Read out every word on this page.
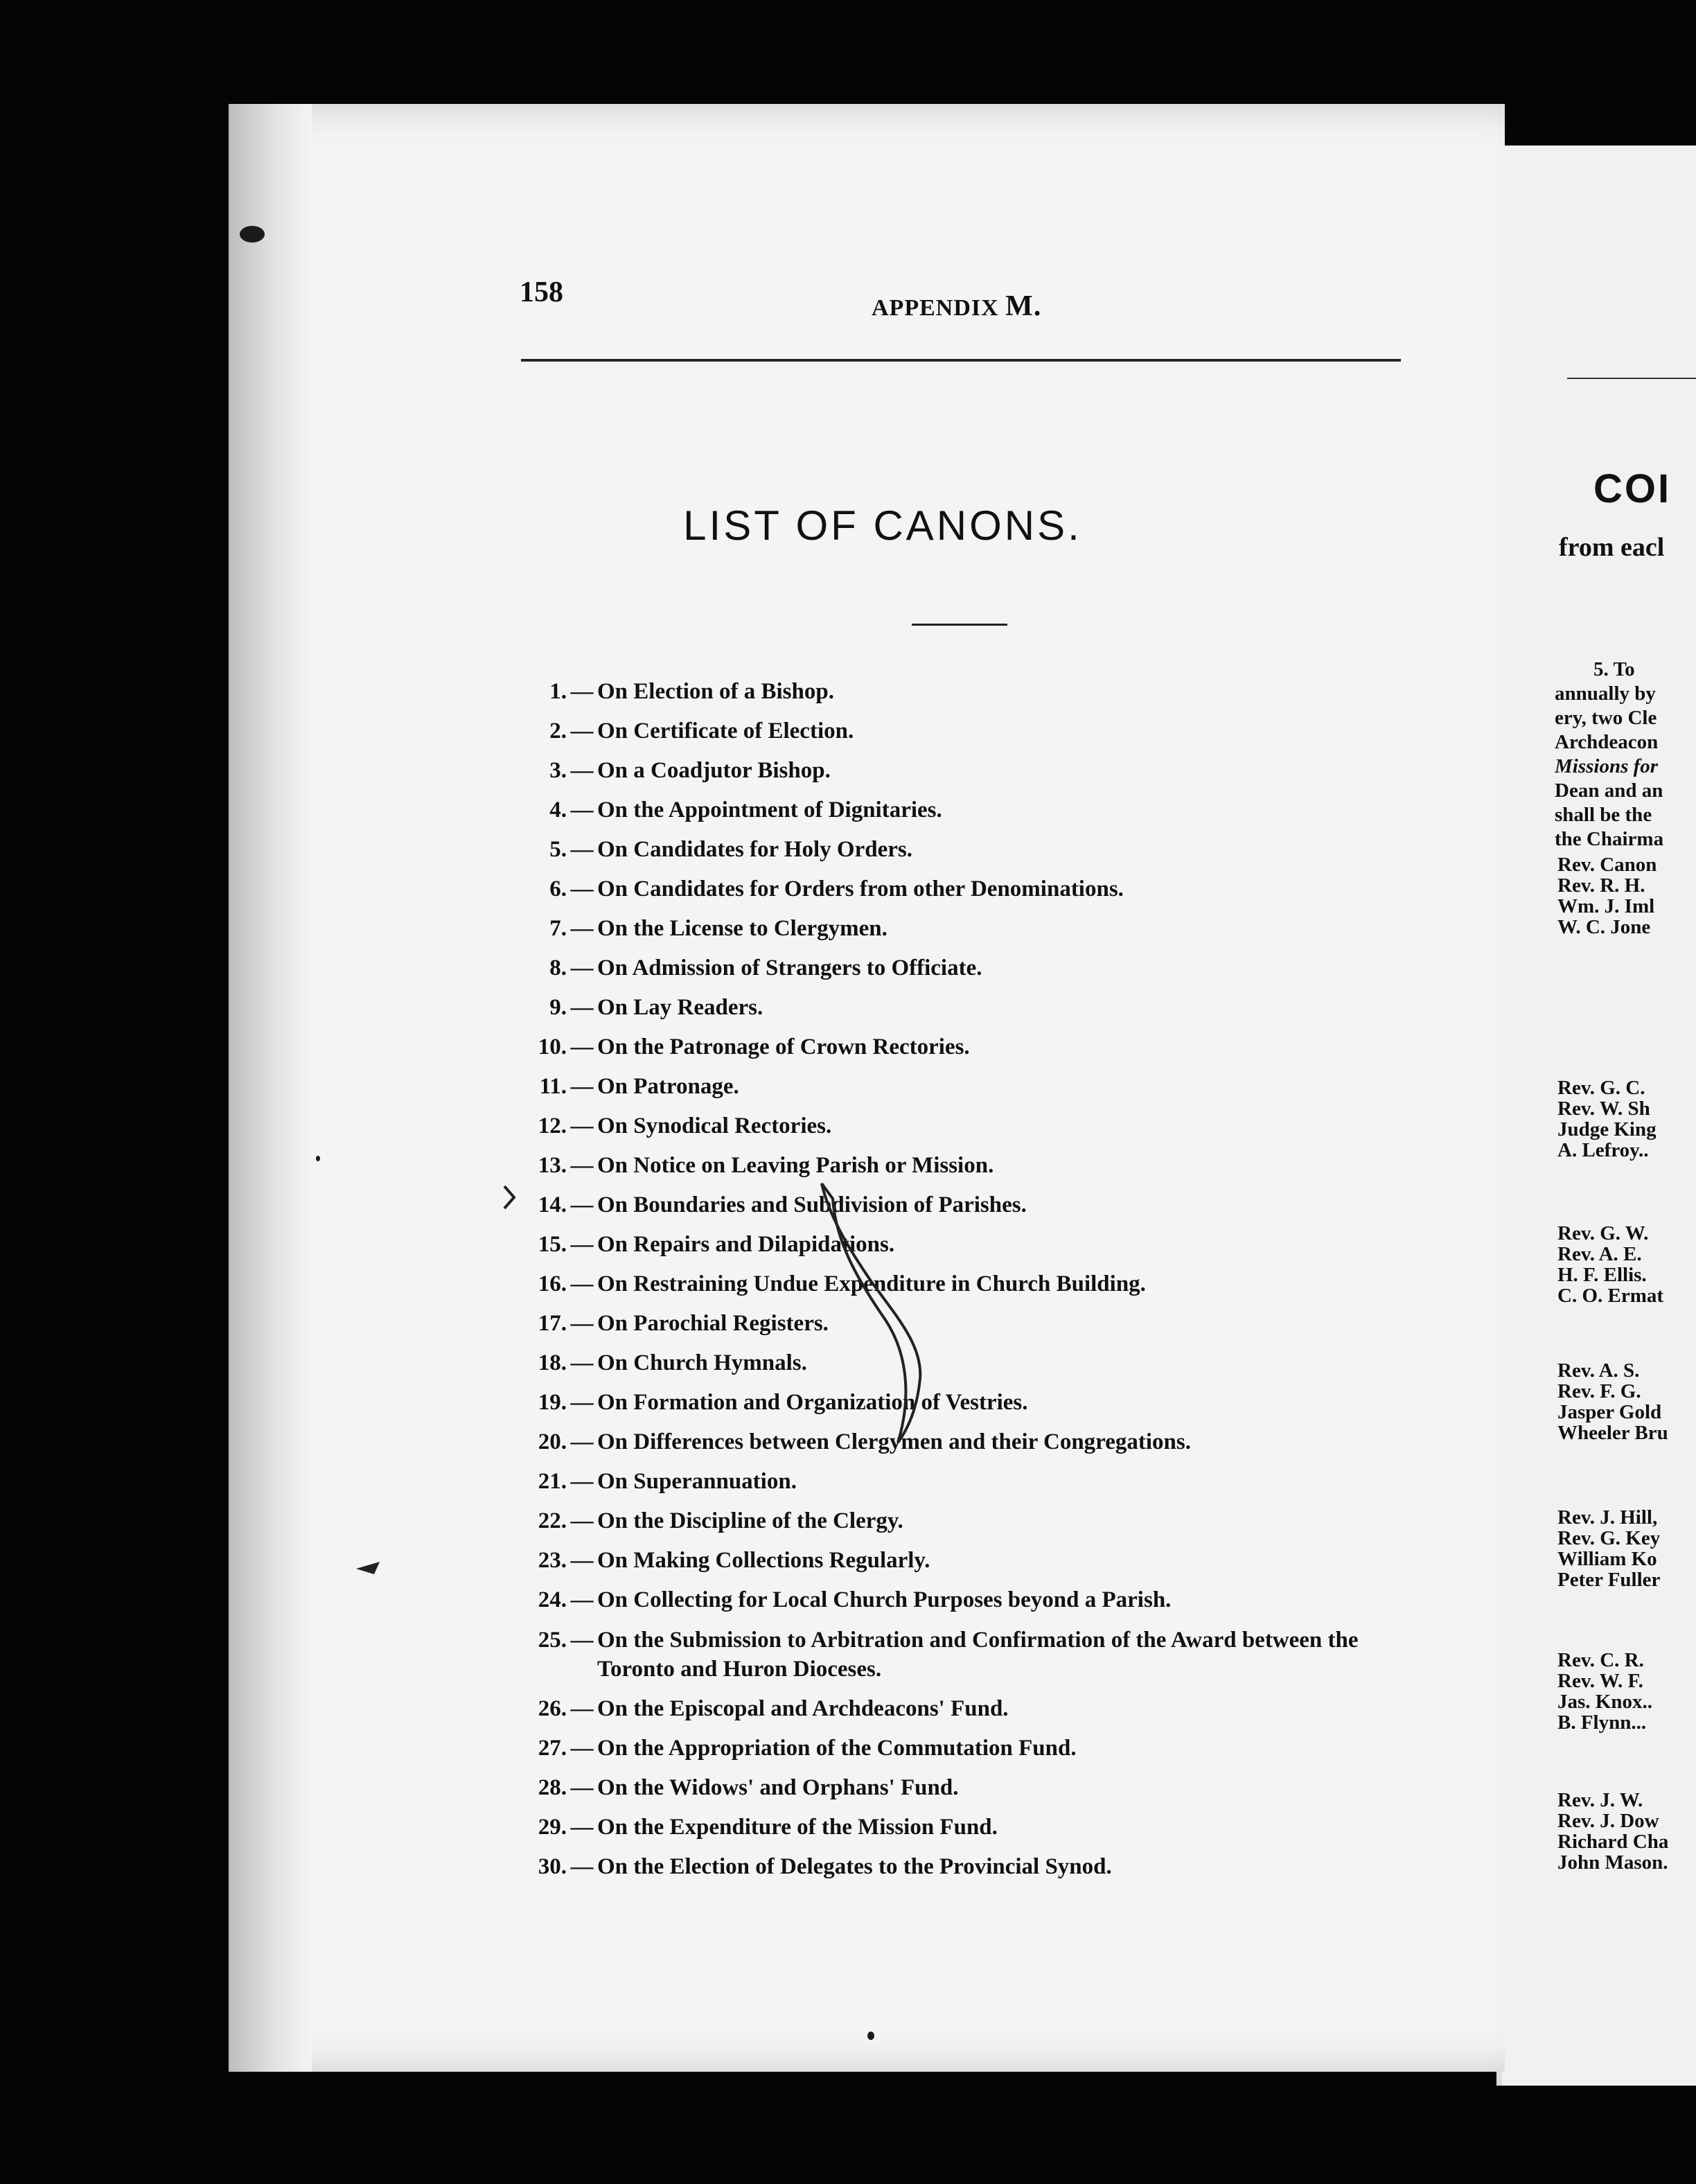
158	APPENDIX M.
LIST OF CANONS.
1. — On Election of a Bishop.
2. — On Certificate of Election.
3. — On a Coadjutor Bishop.
4. — On the Appointment of Dignitaries.
5. — On Candidates for Holy Orders.
6. — On Candidates for Orders from other Denominations.
7. — On the License to Clergymen.
8. — On Admission of Strangers to Officiate.
9. — On Lay Readers.
10. — On the Patronage of Crown Rectories.
11. — On Patronage.
12. — On Synodical Rectories.
13. — On Notice on Leaving Parish or Mission.
14. — On Boundaries and Subdivision of Parishes.
15. — On Repairs and Dilapidations.
16. — On Restraining Undue Expenditure in Church Building.
17. — On Parochial Registers.
18. — On Church Hymnals.
19. — On Formation and Organization of Vestries.
20. — On Differences between Clergymen and their Congregations.
21. — On Superannuation.
22. — On the Discipline of the Clergy.
23. — On Making Collections Regularly.
24. — On Collecting for Local Church Purposes beyond a Parish.
25. — On the Submission to Arbitration and Confirmation of the Award between the Toronto and Huron Dioceses.
26. — On the Episcopal and Archdeacons' Fund.
27. — On the Appropriation of the Commutation Fund.
28. — On the Widows' and Orphans' Fund.
29. — On the Expenditure of the Mission Fund.
30. — On the Election of Delegates to the Provincial Synod.
COI
from eacl
5. To
annually by
ery, two Cle
Archdeacon
Missions for
Dean and an
shall be the
the Chairma
Rev. Canon
Rev. R. H.
Wm. J. Iml
W. C. Jone
Rev. G. C.
Rev. W. Sh
Judge King
A. Lefroy..
Rev. G. W.
Rev. A. E.
H. F. Ellis.
C. O. Ermat
Rev. A. S.
Rev. F. G.
Jasper Gold
Wheeler Bru
Rev. J. Hill,
Rev. G. Key
William Ko
Peter Fuller
Rev. C. R.
Rev. W. F.
Jas. Knox..
B. Flynn...
Rev. J. W.
Rev. J. Dow
Richard Cha
John Mason.
